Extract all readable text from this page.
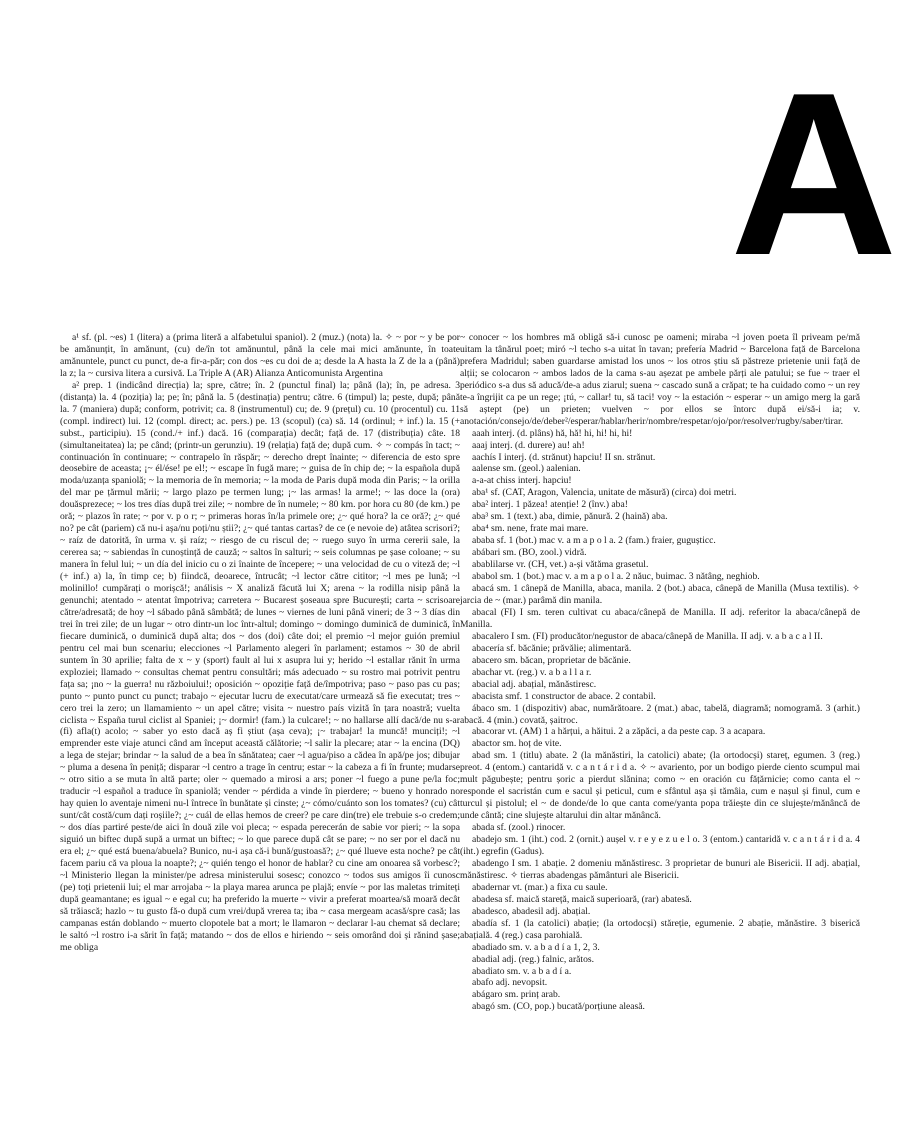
A

a¹ sf. (pl. ~es) 1 (litera) a (prima literă a alfabetului spaniol). 2 (muz.) (nota) la. ✧ ~ por ~ y be por be amănunțit, în amănunt, (cu) de/în tot amănuntul, până la cele mai mici amănunte, în toate amănuntele, punct cu punct, de-a fir-a-păr; con dos ~es cu doi de a; desde la A hasta la Z de la a (până) la z; la ~ cursiva litera a cursivă. La Triple A (AR) Alianza Anticomunista Argentina

a² prep. 1 (indicând direcția) la; spre, către; în. 2 (punctul final) la; până (la); în, pe adresa. 3 (distanța) la. 4 (poziția) la; pe; în; până la. 5 (destinația) pentru; către. 6 (timpul) la; peste, după; până la. 7 (maniera) după; conform, potrivit; ca. 8 (instrumentul) cu; de. 9 (prețul) cu. 10 (procentul) cu. 11 (compl. indirect) lui. 12 (compl. direct; ac. pers.) pe. 13 (scopul) (ca) să. 14 (ordinul; + inf.) la. 15 (+ subst., participiu). 15 (cond./+ inf.) dacă. 16 (comparația) decât; față de. 17 (distribuția) câte. 18 (simultaneitatea) la; pe când; (printr-un gerunziu). 19 (relația) față de; după cum. ✧ ~ compás în tact; ~ continuación în continuare; ~ contrapelo în răspăr; ~ derecho drept înainte; ~ diferencia de esto spre deosebire de aceasta; ¡~ él/ése! pe el!; ~ escape în fugă mare; ~ guisa de în chip de; ~ la española după moda/uzanța spaniolă; ~ la memoria de în memoria; ~ la moda de Paris după moda din Paris; ~ la orilla del mar pe țărmul mării; ~ largo plazo pe termen lung; ¡~ las armas! la arme!; ~ las doce la (ora) douăsprezece; ~ los tres días după trei zile; ~ nombre de în numele; ~ 80 km. por hora cu 80 (de km.) pe oră; ~ plazos în rate; ~ por v. p o r; ~ primeras horas în/la primele ore; ¿~ qué hora? la ce oră?; ¿~ qué no? pe cât (pariem) că nu-i așa/nu poți/nu știi?; ¿~ qué tantas cartas? de ce (e nevoie de) atâtea scrisori?; ~ raíz de datorită, în urma v. și raíz; ~ riesgo de cu riscul de; ~ ruego suyo în urma cererii sale, la cererea sa; ~ sabiendas în cunoștință de cauză; ~ saltos în salturi; ~ seis columnas pe șase coloane; ~ su manera în felul lui; ~ un día del inicio cu o zi înainte de începere; ~ una velocidad de cu o viteză de; ~l (+ inf.) a) la, în timp ce; b) fiindcă, deoarece, întrucât; ~l lector către cititor; ~l mes pe lună; ~l molinillo! cumpărați o morișcă!; análisis ~ X analiză făcută lui X; arena ~ la rodilla nisip până la genunchi; atentado ~ atentat împotriva; carretera ~ Bucarest șoseaua spre București; carta ~ scrisoare către/adresată; de hoy ~l sábado până sâmbătă; de lunes ~ viernes de luni până vineri; de 3 ~ 3 días din trei în trei zile; de un lugar ~ otro dintr-un loc într-altul; domingo ~ domingo duminică de duminică, în fiecare duminică, o duminică după alta; dos ~ dos (doi) câte doi; el premio ~l mejor guión premiul pentru cel mai bun scenariu; elecciones ~l Parlamento alegeri în parlament; estamos ~ 30 de abril suntem în 30 aprilie; falta de x ~ y (sport) fault al lui x asupra lui y; herido ~l estallar rănit în urma exploziei; llamado ~ consultas chemat pentru consultări; más adecuado ~ su rostro mai potrivit pentru fața sa; ¡no ~ la guerra! nu războiului!; oposición ~ opoziție față de/împotriva; paso ~ paso pas cu pas; punto ~ punto punct cu punct; trabajo ~ ejecutar lucru de executat/care urmează să fie executat; tres ~ cero trei la zero; un llamamiento ~ un apel către; visita ~ nuestro país vizită în țara noastră; vuelta ciclista ~ España turul ciclist al Spaniei; ¡~ dormir! (fam.) la culcare!; ~ no hallarse allí dacă/de nu s-ar (fi) afla(t) acolo; ~ saber yo esto dacă aș fi știut (așa ceva); ¡~ trabajar! la muncă! munciți!; ~l emprender este viaje atunci când am început această călătorie; ~l salir la plecare; atar ~ la encina (DQ) a lega de stejar; brindar ~ la salud de a bea în sănătatea; caer ~l agua/piso a cădea în apă/pe jos; dibujar ~ pluma a desena în peniță; disparar ~l centro a trage în centru; estar ~ la cabeza a fi în frunte; mudarse ~ otro sitio a se muta în altă parte; oler ~ quemado a mirosi a ars; poner ~l fuego a pune pe/la foc; traducir ~l español a traduce în spaniolă; vender ~ pérdida a vinde în pierdere; ~ bueno y honrado no hay quien lo aventaje nimeni nu-l întrece în bunătate și cinste; ¿~ cómo/cuánto son los tomates? (cu) cât sunt/cât costă/cum dați roșiile?; ¿~ cuál de ellas hemos de creer? pe care din(tre) ele trebuie s-o credem; ~ dos días partiré peste/de aici în două zile voi pleca; ~ espada perecerán de sabie vor pieri; ~ la sopa siguió un biftec după supă a urmat un biftec; ~ lo que parece după cât se pare; ~ no ser por el dacă nu era el; ¿~ qué está buena/abuela? Bunico, nu-i așa că-i bună/gustoasă?; ¿~ qué llueve esta noche? pe cât facem pariu că va ploua la noapte?; ¿~ quién tengo el honor de hablar? cu cine am onoarea să vorbesc?; ~l Ministerio llegan la minister/pe adresa ministerului sosesc; conozco ~ todos sus amigos îi cunosc (pe) toți prietenii lui; el mar arrojaba ~ la playa marea arunca pe plajă; envíe ~ por las maletas trimiteți după geamantane; es igual ~ e egal cu; ha preferido la muerte ~ vivir a preferat moartea/să moară decât să trăiască; hazlo ~ tu gusto fă-o după cum vrei/după vrerea ta; iba ~ casa mergeam acasă/spre casă; las campanas están doblando ~ muerto clopotele bat a mort; le llamaron ~ declarar l-au chemat să declare; le saltó ~l rostro i-a sărit în față; matando ~ dos de ellos e hiriendo ~ seis omorând doi și rănind șase; me obliga

~ conocer ~ los hombres mă obligă să-i cunosc pe oameni; miraba ~l joven poeta îl priveam pe/mă uitam la tânărul poet; miró ~l techo s-a uitat în tavan; prefería Madrid ~ Barcelona față de Barcelona prefera Madridul; saben guardarse amistad los unos ~ los otros știu să păstreze prietenie unii față de alții; se colocaron ~ ambos lados de la cama s-au așezat pe ambele părți ale patului; se fue ~ traer el periódico s-a dus să aducă/de-a adus ziarul; suena ~ cascado sună a crăpat; te ha cuidado como ~ un rey te-a îngrijit ca pe un rege; ¡tú, ~ callar! tu, să taci! voy ~ la estación ~ esperar ~ un amigo merg la gară să aștept (pe) un prieten; vuelven ~ por ellos se întorc după ei/să-i ia; v. anotación/consejo/de/deber²/esperar/hablar/herir/nombre/respetar/ojo/por/resolver/rugby/saber/tirar.

aaah interj. (d. plâns) hă, hă! hi, hi! hi, hi!

aaaj interj. (d. durere) au! ah!

aachís I interj. (d. strănut) hapciu! II sn. strănut.

aalense sm. (geol.) aalenian.

a-a-at chiss interj. hapciu!

aba¹ sf. (CAT, Aragon, Valencia, unitate de măsură) (circa) doi metri.

aba² interj. 1 păzea! atenție! 2 (înv.) aba!

aba³ sm. 1 (text.) aba, dimie, pănură. 2 (haină) aba.

aba⁴ sm. nene, frate mai mare.

ababa sf. 1 (bot.) mac v. a m a p o l a. 2 (fam.) fraier, gugușticc.

abábari sm. (BO, zool.) vidră.

abablilarse vr. (CH, vet.) a-și vătăma grasetul.

ababol sm. 1 (bot.) mac v. a m a p o l a. 2 năuc, buimac. 3 nătâng, neghiob.

abacá sm. 1 cânepă de Manilla, abaca, manila. 2 (bot.) abaca, cânepă de Manilla (Musa textilis). ✧ jarcia de ~ (mar.) parâmă din manila.

abacal (FI) I sm. teren cultivat cu abaca/cânepă de Manilla. II adj. referitor la abaca/cânepă de Manilla.

abacalero I sm. (FI) producător/negustor de abaca/cânepă de Manilla. II adj. v. a b a c a l II.

abacería sf. băcănie; prăvălie; alimentară.

abacero sm. băcan, proprietar de băcănie.

abachar vt. (reg.) v. a b a l l a r.

abacial adj. abațial, mănăstiresc.

abacista smf. 1 constructor de abace. 2 contabil.

ábaco sm. 1 (dispozitiv) abac, numărătoare. 2 (mat.) abac, tabelă, diagramă; nomogramă. 3 (arhit.) abacă. 4 (min.) covată, șaitroc.

abacorar vt. (AM) 1 a hărțui, a hăitui. 2 a zăpăci, a da peste cap. 3 a acapara.

abactor sm. hoț de vite.

abad sm. 1 (titlu) abate. 2 (la mănăstiri, la catolici) abate; (la ortodocși) stareț, egumen. 3 (reg.) preot. 4 (entom.) cantaridă v. c a n t á r i d a. ✧ ~ avariento, por un bodigo pierde ciento scumpul mai mult păgubește; pentru șoric a pierdut slănina; como ~ en oración cu fățărnicie; como canta el ~ responde el sacristán cum e sacul și peticul, cum e sfântul așa și tămâia, cum e nașul și finul, cum e turcul și pistolul; el ~ de donde/de lo que canta come/yanta popa trăiește din ce slujește/mănâncă de unde cântă; cine slujește altarului din altar mănâncă.

abada sf. (zool.) rinocer.

abadejo sm. 1 (iht.) cod. 2 (ornit.) aușel v. r e y e z u e l o. 3 (entom.) cantaridă v. c a n t á r i d a. 4 (iht.) egrefin (Gadus).

abadengo I sm. 1 abație. 2 domeniu mănăstiresc. 3 proprietar de bunuri ale Bisericii. II adj. abațial, mănăstiresc. ✧ tierras abadengas pământuri ale Bisericii.

abadernar vt. (mar.) a fixa cu saule.

abadesa sf. maică stareță, maică superioară, (rar) abatesă.

abadesco, abadesil adj. abațial.

abadía sf. 1 (la catolici) abație; (la ortodocși) stăreție, egumenie. 2 abație, mănăstire. 3 biserică abațială. 4 (reg.) casa parohială.

abadiado sm. v. a b a d í a 1, 2, 3.

abadial adj. (reg.) falnic, arătos.

abadiato sm. v. a b a d í a.

abafo adj. nevopsit.

abágaro sm. prinț arab.

abagó sm. (CO, pop.) bucată/porțiune aleasă.
